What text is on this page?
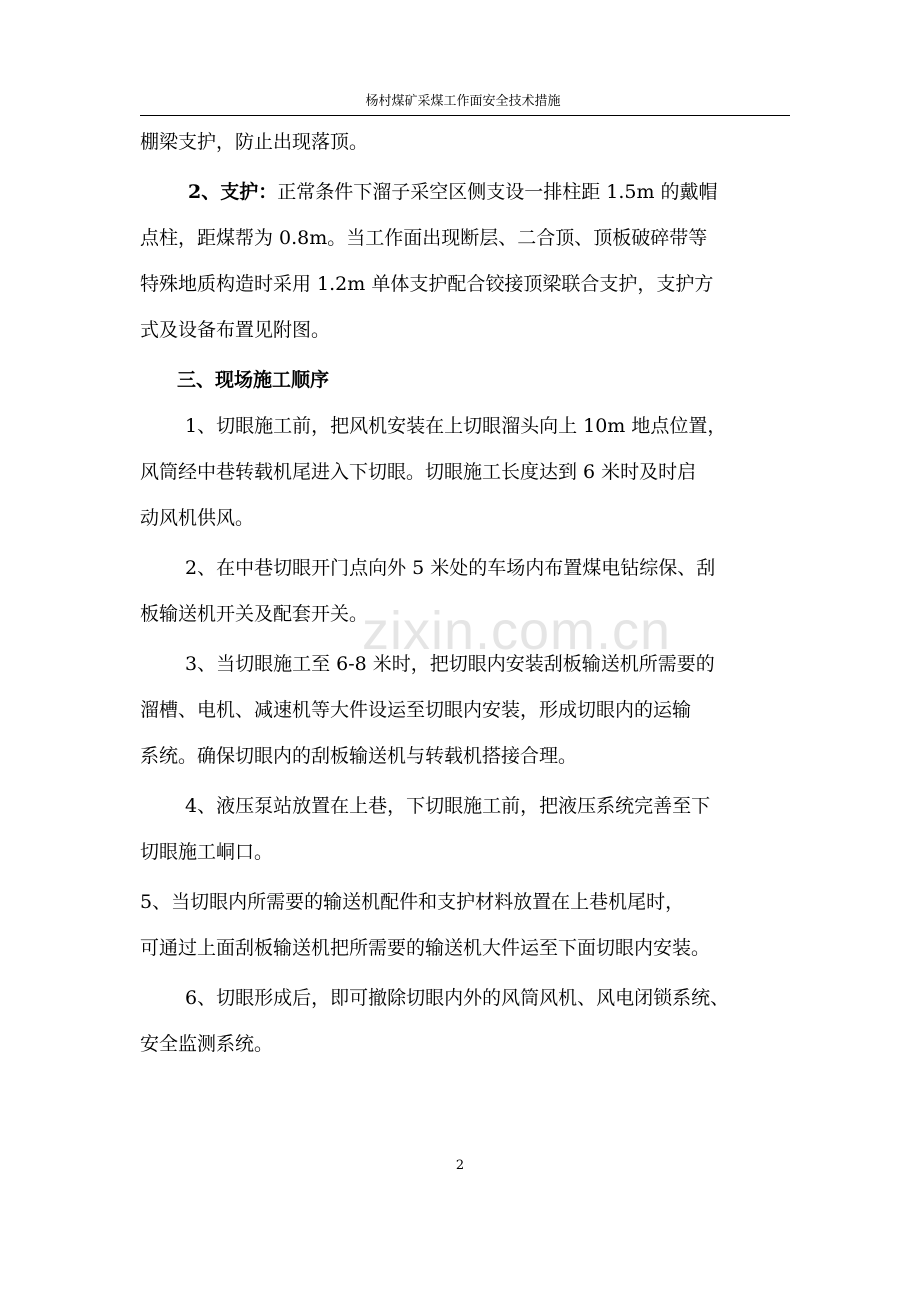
杨村煤矿采煤工作面安全技术措施

棚梁支护，防止出现落顶。

2、支护：正常条件下溜子采空区侧支设一排柱距 1.5m 的戴帽

点柱，距煤帮为 0.8m。当工作面出现断层、二合顶、顶板破碎带等

特殊地质构造时采用 1.2m 单体支护配合铰接顶梁联合支护，支护方

式及设备布置见附图。

三、现场施工顺序

1、切眼施工前，把风机安装在上切眼溜头向上 10m 地点位置，

风筒经中巷转载机尾进入下切眼。切眼施工长度达到 6 米时及时启

动风机供风。

2、在中巷切眼开门点向外 5 米处的车场内布置煤电钻综保、刮

板输送机开关及配套开关。

3、当切眼施工至 6-8 米时，把切眼内安装刮板输送机所需要的

溜槽、电机、减速机等大件设运至切眼内安装，形成切眼内的运输

系统。确保切眼内的刮板输送机与转载机搭接合理。

4、液压泵站放置在上巷，下切眼施工前，把液压系统完善至下

切眼施工峒口。

5、当切眼内所需要的输送机配件和支护材料放置在上巷机尾时，

可通过上面刮板输送机把所需要的输送机大件运至下面切眼内安装。

6、切眼形成后，即可撤除切眼内外的风筒风机、风电闭锁系统、

安全监测系统。

zixin.com.cn
2
